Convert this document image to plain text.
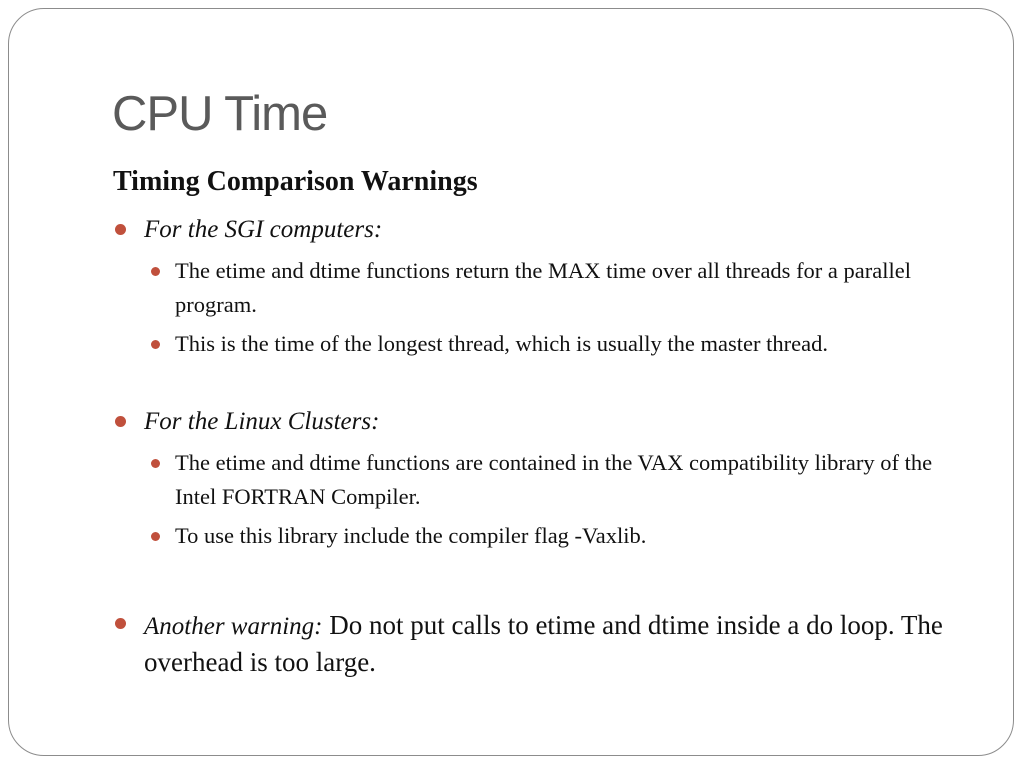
CPU Time
Timing Comparison Warnings
For the SGI computers:
The etime and dtime functions return the MAX time over all threads for a parallel program.
This is the time of the longest thread, which is usually the master thread.
For the Linux Clusters:
The etime and dtime functions are contained in the VAX compatibility library of the Intel FORTRAN Compiler.
To use this library include the compiler flag -Vaxlib.
Another warning: Do not put calls to etime and dtime inside a do loop. The overhead is too large.
